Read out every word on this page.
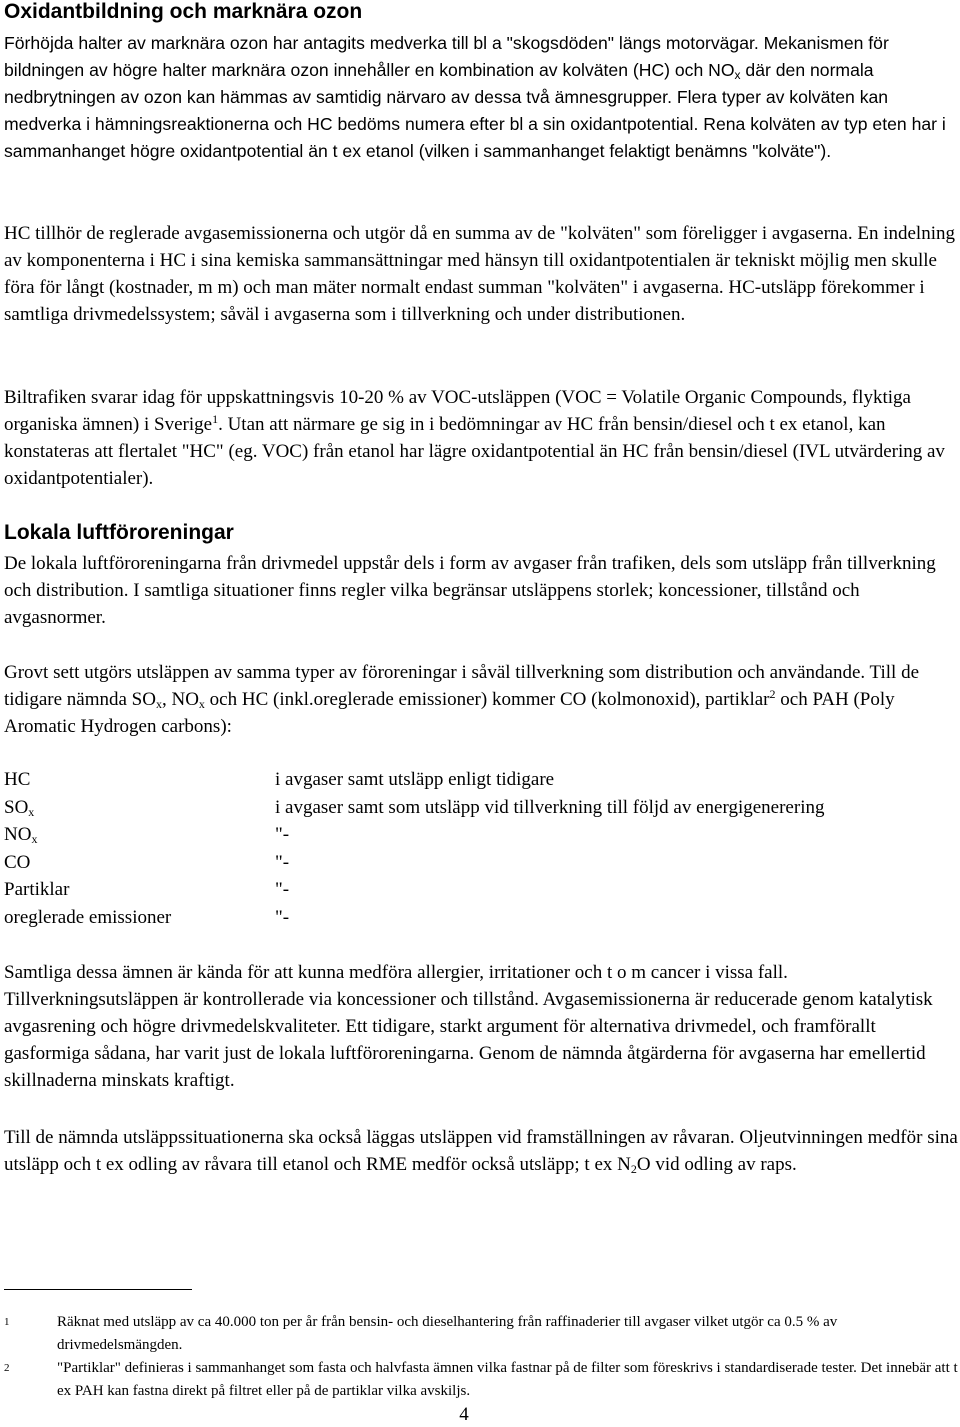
Oxidantbildning och marknära ozon

Förhöjda halter av marknära ozon har antagits medverka till bl a "skogsdöden" längs motorvägar. Mekanismen för bildningen av högre halter marknära ozon innehåller en kombination av kolväten (HC) och $NO_x$ där den normala nedbrytningen av ozon kan hämmas av samtidig närvaro av dessa två ämnesgrupper. Flera typer av kolväten kan medverka i hämningsreaktionerna och HC bedöms numera efter bl a sin oxidantpotential. Rena kolväten av typ eten har i sammanhanget högre oxidantpotential än t ex etanol (vilken i sammanhanget felaktigt benämns "kolväte").

HC tillhör de reglerade avgasemissionerna och utgör då en summa av de "kolväten" som föreligger i avgaserna. En indelning av komponenterna i HC i sina kemiska sammansättningar med hänsyn till oxidantpotentialen är tekniskt möjlig men skulle föra för långt (kostnader, m m) och man mäter normalt endast summan "kolväten" i avgaserna. HC-utsläpp förekommer i samtliga drivmedelssystem; såväl i avgaserna som i tillverkning och under distributionen.

Biltrafiken svarar idag för uppskattningsvis 10-20 % av VOC-utsläppen (VOC = Volatile Organic Compounds, flyktiga organiska ämnen) i Sverige$^1$. Utan att närmare ge sig in i bedömningar av HC från bensin/diesel och t ex etanol, kan konstateras att flertalet "HC" (eg. VOC) från etanol har lägre oxidantpotential än HC från bensin/diesel (IVL utvärdering av oxidantpotentialer).

Lokala luftföroreningar

De lokala luftföroreningarna från drivmedel uppstår dels i form av avgaser från trafiken, dels som utsläpp från tillverkning och distribution. I samtliga situationer finns regler vilka begränsar utsläppens storlek; koncessioner, tillstånd och avgasnormer.

Grovt sett utgörs utsläppen av samma typer av föroreningar i såväl tillverkning som distribution och användande. Till de tidigare nämnda $SO_x$, $NO_x$ och HC (inkl.oreglerade emissioner) kommer CO (kolmonoxid), partiklar$^2$ och PAH (Poly Aromatic Hydrogen carbons):

HC	i avgaser samt utsläpp enligt tidigare
$SO_x$	i avgaser samt som utsläpp vid tillverkning till följd av energigenerering
$NO_x$	"-
CO	"-
Partiklar	"-
oreglerade emissioner	"-

Samtliga dessa ämnen är kända för att kunna medföra allergier, irritationer och t o m cancer i vissa fall. Tillverkningsutsläppen är kontrollerade via koncessioner och tillstånd. Avgasemissionerna är reducerade genom katalytisk avgasrening och högre drivmedelskvaliteter. Ett tidigare, starkt argument för alternativa drivmedel, och framförallt gasformiga sådana, har varit just de lokala luftföroreningarna. Genom de nämnda åtgärderna för avgaserna har emellertid skillnaderna minskats kraftigt.

Till de nämnda utsläppssituationerna ska också läggas utsläppen vid framställningen av råvaran. Oljeutvinningen medför sina utsläpp och t ex odling av råvara till etanol och RME medför också utsläpp; t ex $N_2O$ vid odling av raps.

1	Räknat med utsläpp av ca 40.000 ton per år från bensin- och dieselhantering från raffinaderier till avgaser vilket utgör ca 0.5 % av drivmedelsmängden.
2	"Partiklar" definieras i sammanhanget som fasta och halvfasta ämnen vilka fastnar på de filter som föreskrivs i standardiserade tester. Det innebär att t ex PAH kan fastna direkt på filtret eller på de partiklar vilka avskiljs.
4
